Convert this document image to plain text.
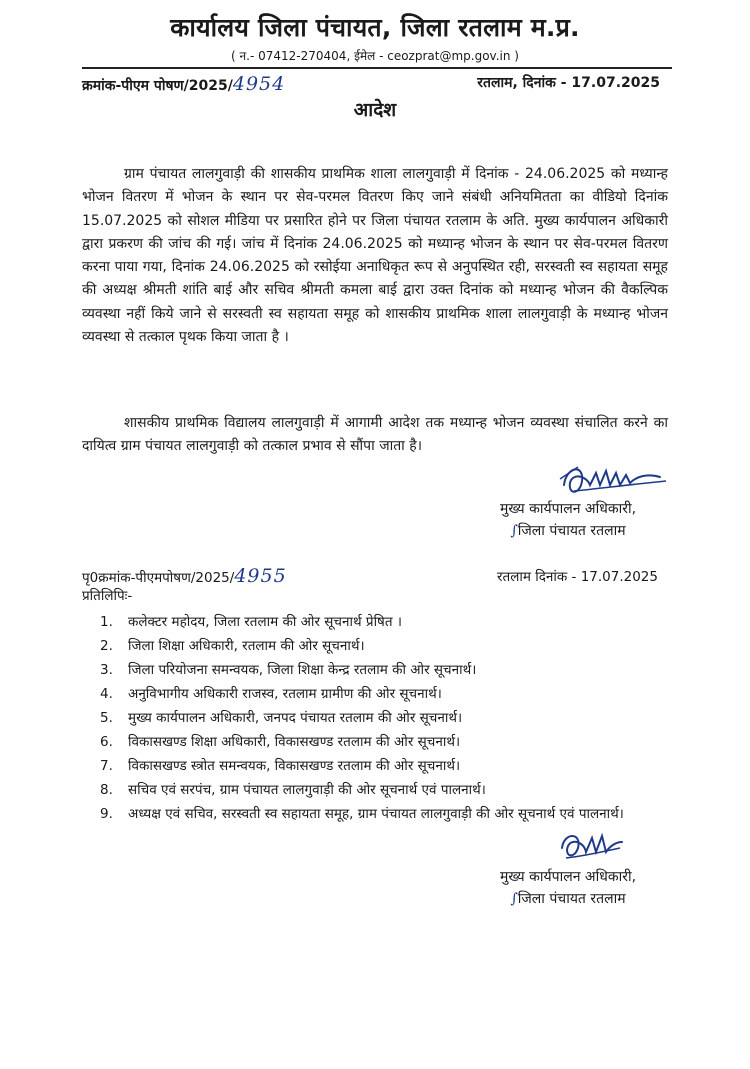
कार्यालय जिला पंचायत, जिला रतलाम म.प्र.
( न.- 07412-270404, ईमेल - ceozprat@mp.gov.in )
क्रमांक-पीएम पोषण/2025/4954	रतलाम, दिनांक - 17.07.2025
आदेश

ग्राम पंचायत लालगुवाड़ी की शासकीय प्राथमिक शाला लालगुवाड़ी में दिनांक - 24.06.2025 को मध्यान्ह भोजन वितरण में भोजन के स्थान पर सेव-परमल वितरण किए जाने संबंधी अनियमितता का वीडियो दिनांक 15.07.2025 को सोशल मीडिया पर प्रसारित होने पर जिला पंचायत रतलाम के अति. मुख्य कार्यपालन अधिकारी द्वारा प्रकरण की जांच की गई। जांच में दिनांक 24.06.2025 को मध्यान्ह भोजन के स्थान पर सेव-परमल वितरण करना पाया गया, दिनांक 24.06.2025 को रसोईया अनाधिकृत रूप से अनुपस्थित रही, सरस्वती स्व सहायता समूह की अध्यक्ष श्रीमती शांति बाई और सचिव श्रीमती कमला बाई द्वारा उक्त दिनांक को मध्यान्ह भोजन की वैकल्पिक व्यवस्था नहीं किये जाने से सरस्वती स्व सहायता समूह को शासकीय प्राथमिक शाला लालगुवाड़ी के मध्यान्ह भोजन व्यवस्था से तत्काल पृथक किया जाता है ।

शासकीय प्राथमिक विद्यालय लालगुवाड़ी में आगामी आदेश तक मध्यान्ह भोजन व्यवस्था संचालित करने का दायित्व ग्राम पंचायत लालगुवाड़ी को तत्काल प्रभाव से सौंपा जाता है।

मुख्य कार्यपालन अधिकारी,
∫जिला पंचायत रतलाम
पृ0क्रमांक-पीएमपोषण/2025/4955	रतलाम दिनांक - 17.07.2025
प्रतिलिपिः-
1.	कलेक्टर महोदय, जिला रतलाम की ओर सूचनार्थ प्रेषित ।
2.	जिला शिक्षा अधिकारी, रतलाम की ओर सूचनार्थ।
3.	जिला परियोजना समन्वयक, जिला शिक्षा केन्द्र रतलाम की ओर सूचनार्थ।
4.	अनुविभागीय अधिकारी राजस्व, रतलाम ग्रामीण की ओर सूचनार्थ।
5.	मुख्य कार्यपालन अधिकारी, जनपद पंचायत रतलाम की ओर सूचनार्थ।
6.	विकासखण्ड शिक्षा अधिकारी, विकासखण्ड रतलाम की ओर सूचनार्थ।
7.	विकासखण्ड स्त्रोत समन्वयक, विकासखण्ड रतलाम की ओर सूचनार्थ।
8.	सचिव एवं सरपंच, ग्राम पंचायत लालगुवाड़ी की ओर सूचनार्थ एवं पालनार्थ।
9.	अध्यक्ष एवं सचिव, सरस्वती स्व सहायता समूह, ग्राम पंचायत लालगुवाड़ी की ओर सूचनार्थ एवं पालनार्थ।
मुख्य कार्यपालन अधिकारी,
∫जिला पंचायत रतलाम
